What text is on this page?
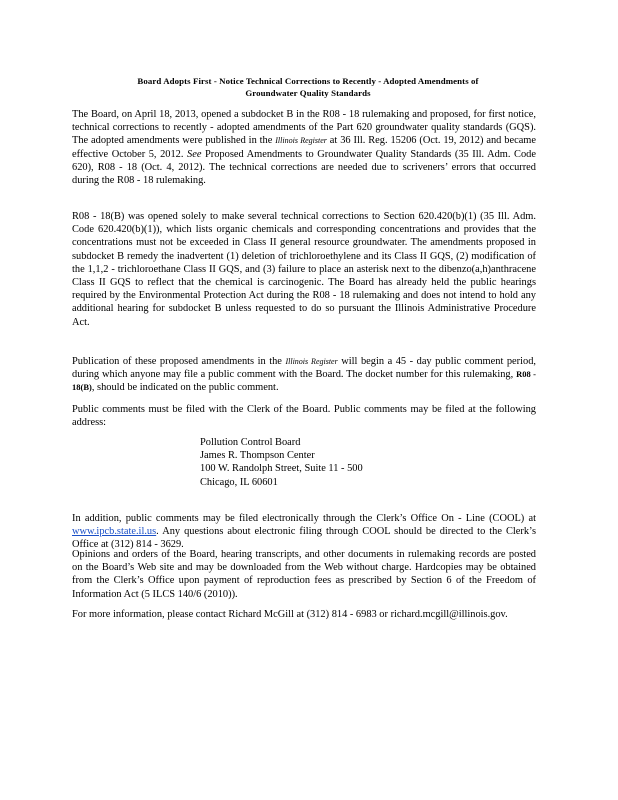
Board Adopts First - Notice Technical Corrections to Recently - Adopted Amendments of
Groundwater Quality Standards

The Board, on April 18, 2013, opened a subdocket B in the R08 - 18 rulemaking and proposed, for first notice, technical corrections to recently - adopted amendments of the Part 620 groundwater quality standards (GQS). The adopted amendments were published in the Illinois Register at 36 Ill. Reg. 15206 (Oct. 19, 2012) and became effective October 5, 2012. See Proposed Amendments to Groundwater Quality Standards (35 Ill. Adm. Code 620), R08 - 18 (Oct. 4, 2012). The technical corrections are needed due to scriveners’ errors that occurred during the R08 - 18 rulemaking.

R08 - 18(B) was opened solely to make several technical corrections to Section 620.420(b)(1) (35 Ill. Adm. Code 620.420(b)(1)), which lists organic chemicals and corresponding concentrations and provides that the concentrations must not be exceeded in Class II general resource groundwater. The amendments proposed in subdocket B remedy the inadvertent (1) deletion of trichloroethylene and its Class II GQS, (2) modification of the 1,1,2 - trichloroethane Class II GQS, and (3) failure to place an asterisk next to the dibenzo(a,h)anthracene Class II GQS to reflect that the chemical is carcinogenic. The Board has already held the public hearings required by the Environmental Protection Act during the R08 - 18 rulemaking and does not intend to hold any additional hearing for subdocket B unless requested to do so pursuant the Illinois Administrative Procedure Act.

Publication of these proposed amendments in the Illinois Register will begin a 45 - day public comment period, during which anyone may file a public comment with the Board. The docket number for this rulemaking, R08 - 18(B), should be indicated on the public comment.

Public comments must be filed with the Clerk of the Board. Public comments may be filed at the following address:

Pollution Control Board
James R. Thompson Center
100 W. Randolph Street, Suite 11 - 500
Chicago, IL 60601

In addition, public comments may be filed electronically through the Clerk’s Office On - Line (COOL) at www.ipcb.state.il.us. Any questions about electronic filing through COOL should be directed to the Clerk’s Office at (312) 814 - 3629.

Opinions and orders of the Board, hearing transcripts, and other documents in rulemaking records are posted on the Board’s Web site and may be downloaded from the Web without charge. Hardcopies may be obtained from the Clerk’s Office upon payment of reproduction fees as prescribed by Section 6 of the Freedom of Information Act (5 ILCS 140/6 (2010)).

For more information, please contact Richard McGill at (312) 814 - 6983 or richard.mcgill@illinois.gov.
